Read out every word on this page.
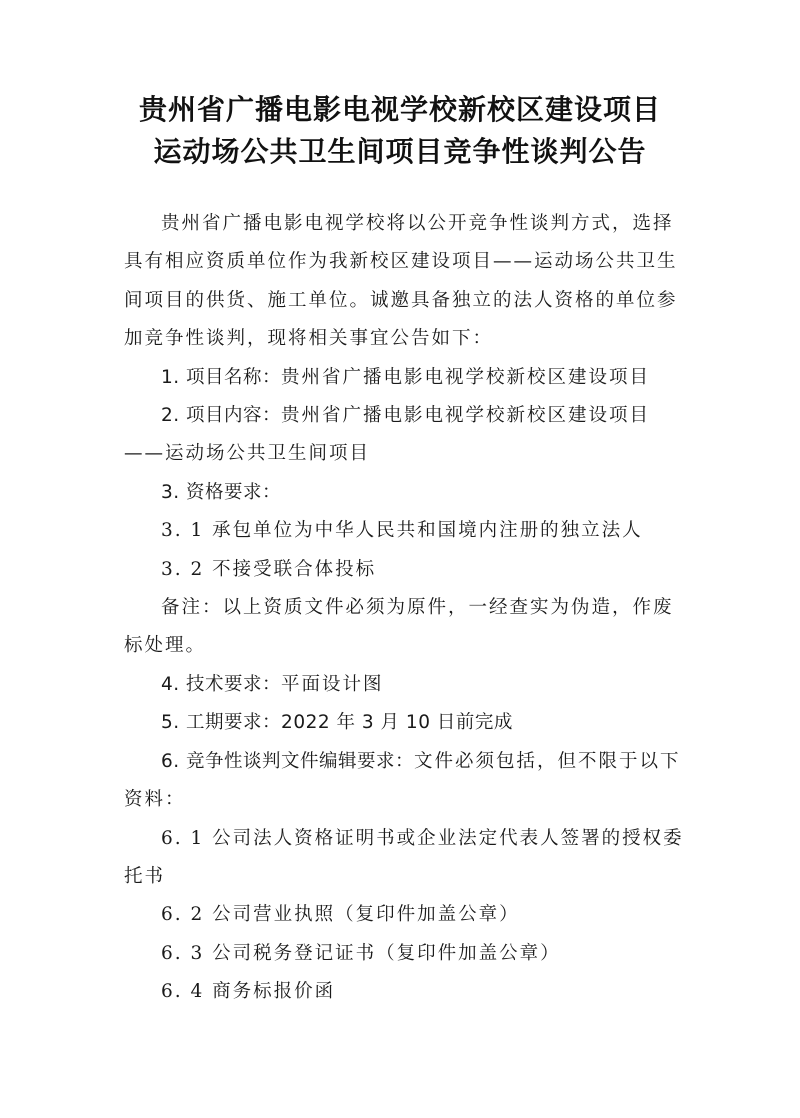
贵州省广播电影电视学校新校区建设项目
运动场公共卫生间项目竞争性谈判公告

贵州省广播电影电视学校将以公开竞争性谈判方式，选择具有相应资质单位作为我新校区建设项目——运动场公共卫生间项目的供货、施工单位。诚邀具备独立的法人资格的单位参加竞争性谈判，现将相关事宜公告如下：

1. 项目名称：贵州省广播电影电视学校新校区建设项目

2. 项目内容：贵州省广播电影电视学校新校区建设项目——运动场公共卫生间项目

3. 资格要求：

3. 1 承包单位为中华人民共和国境内注册的独立法人

3. 2 不接受联合体投标

备注：以上资质文件必须为原件，一经查实为伪造，作废标处理。

4. 技术要求：平面设计图

5. 工期要求：2022 年 3 月 10 日前完成

6. 竞争性谈判文件编辑要求：文件必须包括，但不限于以下资料：

6. 1 公司法人资格证明书或企业法定代表人签署的授权委托书

6. 2 公司营业执照（复印件加盖公章）

6. 3 公司税务登记证书（复印件加盖公章）

6. 4 商务标报价函
